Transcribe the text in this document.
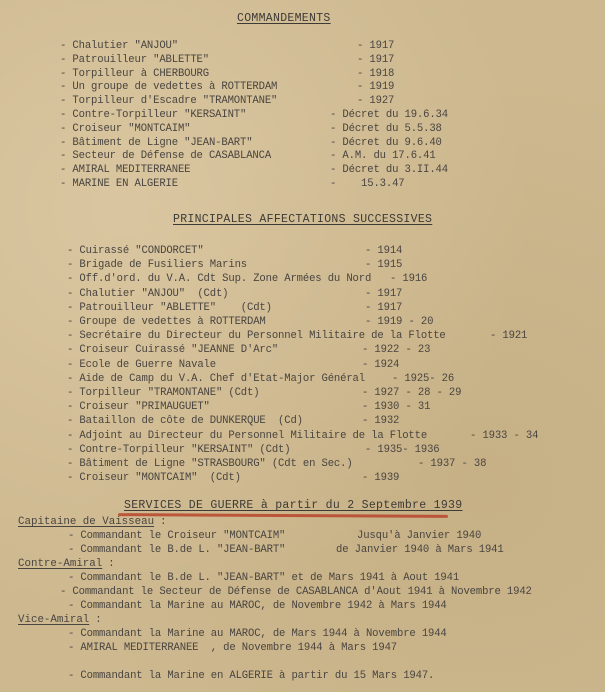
COMMANDEMENTS
- Chalutier "ANJOU"	- 1917
- Patrouilleur "ABLETTE"	- 1917
- Torpilleur à CHERBOURG	- 1918
- Un groupe de vedettes à ROTTERDAM	- 1919
- Torpilleur d'Escadre "TRAMONTANE"	- 1927
- Contre-Torpilleur "KERSAINT"	- Décret du 19.6.34
- Croiseur "MONTCAIM"	- Décret du 5.5.38
- Bâtiment de Ligne "JEAN-BART"	- Décret du 9.6.40
- Secteur de Défense de CASABLANCA	- A.M. du 17.6.41
- AMIRAL MEDITERRANEE	- Décret du 3.II.44
- MARINE EN ALGERIE	-    15.3.47
PRINCIPALES AFFECTATIONS SUCCESSIVES
- Cuirassé "CONDORCET"	- 1914
- Brigade de Fusiliers Marins	- 1915
- Off.d'ord. du V.A. Cdt Sup. Zone Armées du Nord - 1916
- Chalutier "ANJOU"  (Cdt)	- 1917
- Patrouilleur "ABLETTE"    (Cdt)	- 1917
- Groupe de vedettes à ROTTERDAM	- 1919 - 20
- Secrétaire du Directeur du Personnel Militaire de la Flotte	- 1921
- Croiseur Cuirassé "JEANNE D'Arc"	- 1922 - 23
- Ecole de Guerre Navale	- 1924
- Aide de Camp du V.A. Chef d'Etat-Major Général	- 1925- 26
- Torpilleur "TRAMONTANE" (Cdt)	- 1927 - 28 - 29
- Croiseur "PRIMAUGUET"	- 1930 - 31
- Bataillon de côte de DUNKERQUE  (Cd)	- 1932
- Adjoint au Directeur du Personnel Militaire de la Flotte	- 1933 - 34
- Contre-Torpilleur "KERSAINT" (Cdt)	- 1935- 1936
- Bâtiment de Ligne "STRASBOURG" (Cdt en Sec.)	- 1937 - 38
- Croiseur "MONTCAIM"  (Cdt)	- 1939
SERVICES DE GUERRE à partir du 2 Septembre 1939
Capitaine de Vaisseau :
- Commandant le Croiseur "MONTCAIM"	Jusqu'à Janvier 1940
- Commandant le B.de L. "JEAN-BART"	de Janvier 1940 à Mars 1941
Contre-Amiral :
- Commandant le B.de L. "JEAN-BART" et de Mars 1941 à Aout 1941
- Commandant le Secteur de Défense de CASABLANCA d'Aout 1941 à Novembre 1942
- Commandant la Marine au MAROC, de Novembre 1942 à Mars 1944
Vice-Amiral :
- Commandant la Marine au MAROC, de Mars 1944 à Novembre 1944
- AMIRAL MEDITERRANEE  , de Novembre 1944 à Mars 1947
- Commandant la Marine en ALGERIE à partir du 15 Mars 1947.
